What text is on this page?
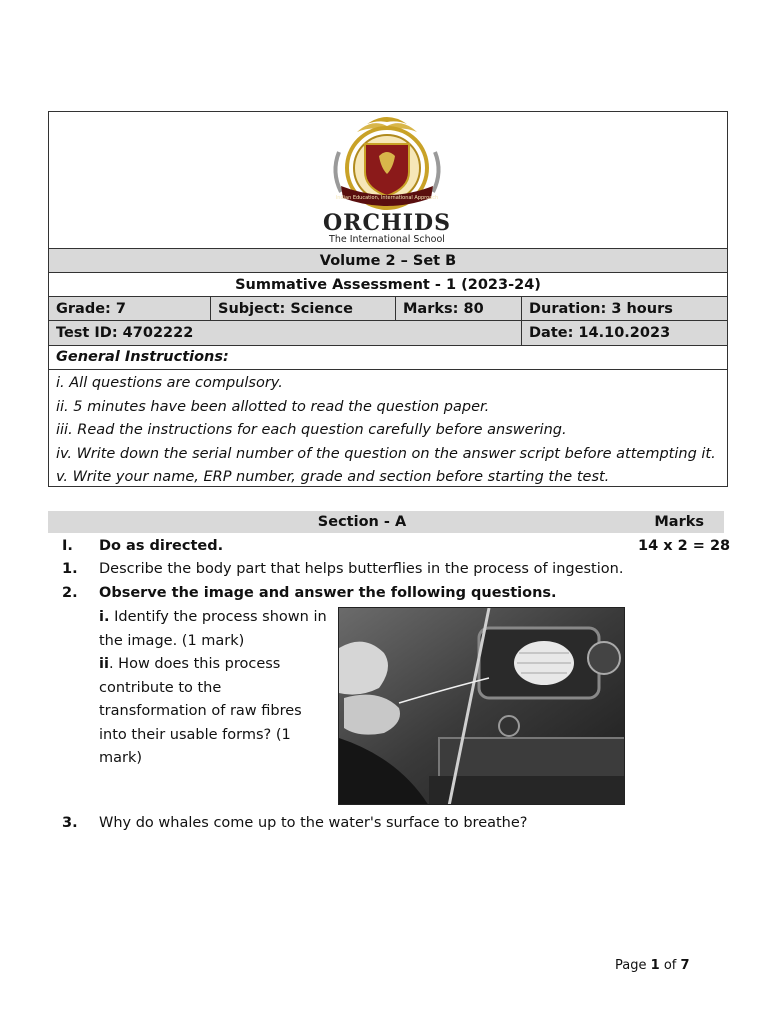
Indian Education, International Approach
ORCHIDS
The International School
Volume 2 – Set B
Summative Assessment - 1 (2023-24)
Grade: 7	Subject: Science	Marks: 80	Duration: 3 hours
Test ID: 4702222	Date: 14.10.2023
General Instructions:
i. All questions are compulsory.
ii. 5 minutes have been allotted to read the question paper.
iii. Read the instructions for each question carefully before answering.
iv. Write down the serial number of the question on the answer script before attempting it.
v. Write your name, ERP number, grade and section before starting the test.
Section - A	Marks
I. Do as directed.	14 x 2 = 28
1. Describe the body part that helps butterflies in the process of ingestion.
2. Observe the image and answer the following questions.
i. Identify the process shown in
the image. (1 mark)
ii. How does this process
contribute to the
transformation of raw fibres
into their usable forms? (1
mark)
3. Why do whales come up to the water's surface to breathe?
Page 1 of 7
